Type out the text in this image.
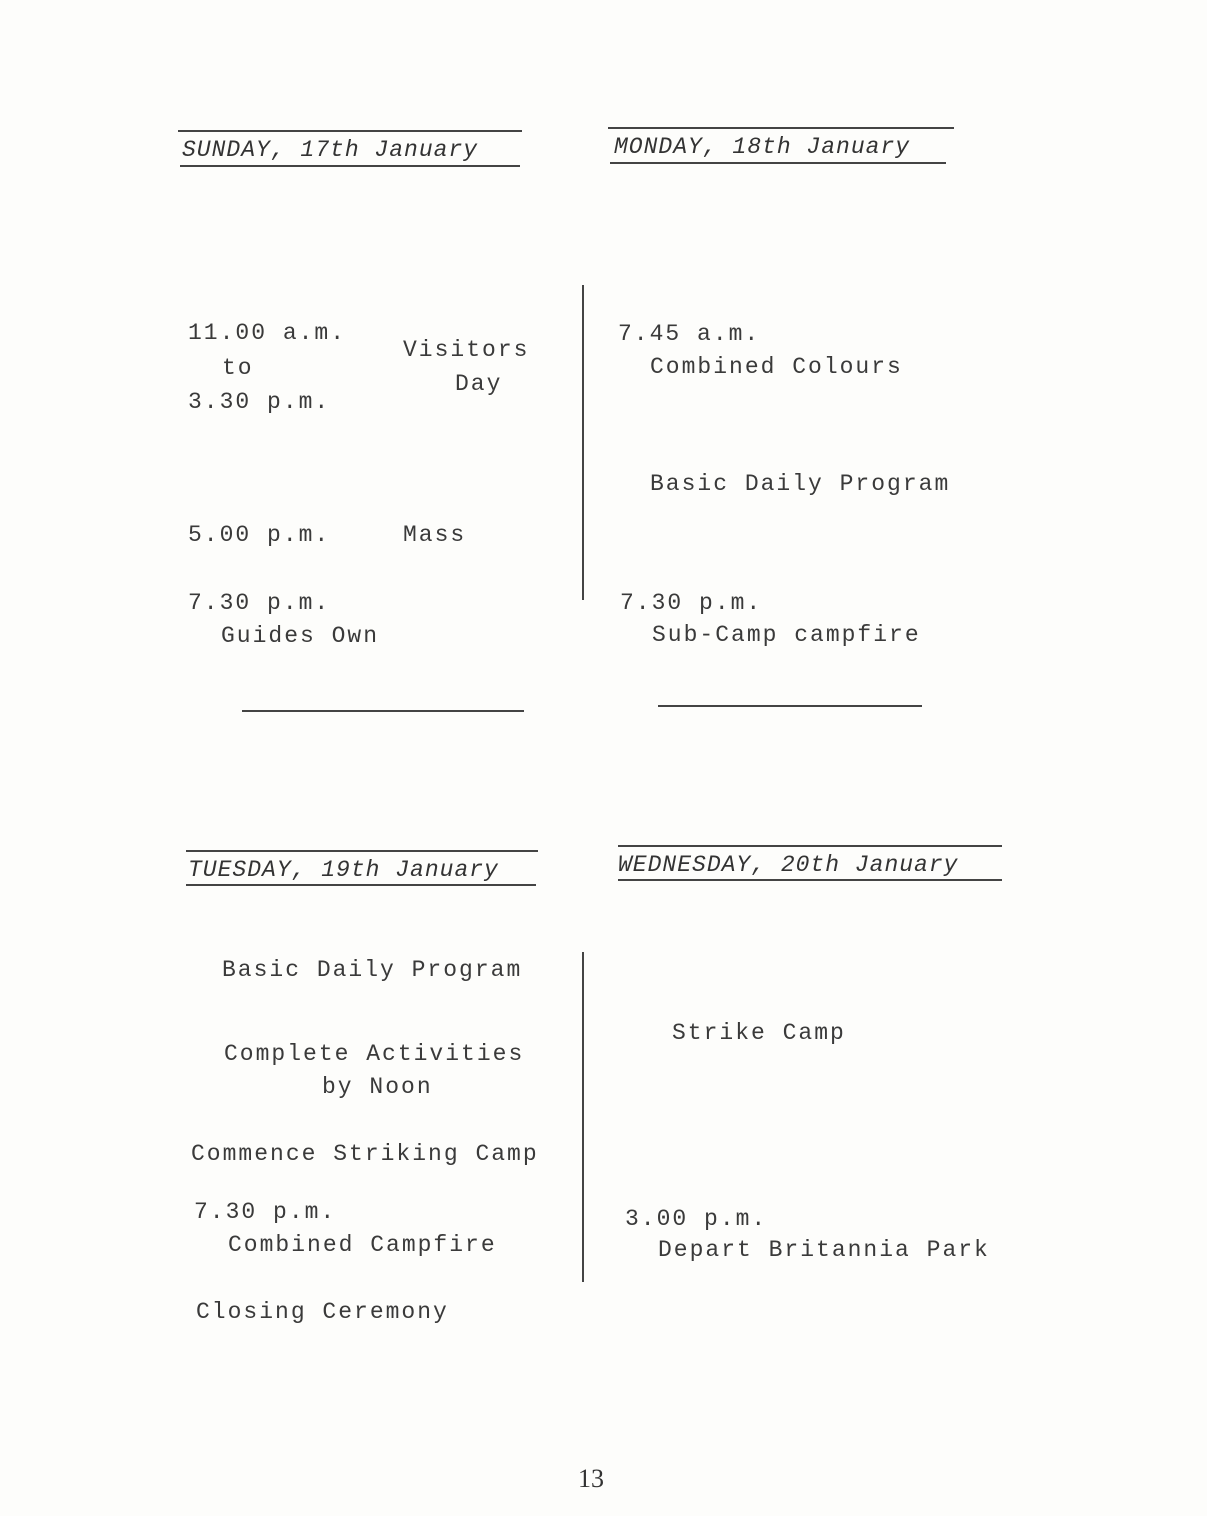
SUNDAY, 17th January
11.00 a.m.
to
3.30 p.m.
Visitors
Day
5.00 p.m.	Mass
7.30 p.m.
Guides Own
MONDAY, 18th January
7.45 a.m.
Combined Colours
Basic Daily Program
7.30 p.m.
Sub-Camp campfire
TUESDAY, 19th January
Basic Daily Program
Complete Activities
by Noon
Commence Striking Camp
7.30 p.m.
Combined Campfire
Closing Ceremony
WEDNESDAY, 20th January
Strike Camp
3.00 p.m.
Depart Britannia Park
13
